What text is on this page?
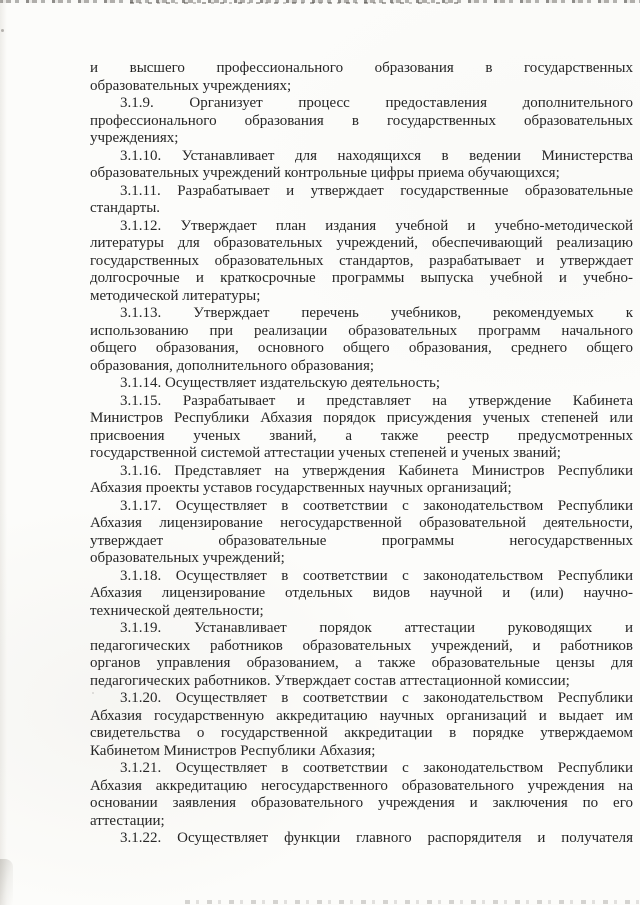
и высшего профессионального образования в государственных
образовательных учреждениях;
3.1.9. Организует процесс предоставления дополнительного
профессионального образования в государственных образовательных
учреждениях;
3.1.10. Устанавливает для находящихся в ведении Министерства
образовательных учреждений контрольные цифры приема обучающихся;
3.1.11. Разрабатывает и утверждает государственные образовательные
стандарты.
3.1.12. Утверждает план издания учебной и учебно-методической
литературы для образовательных учреждений, обеспечивающий реализацию
государственных образовательных стандартов, разрабатывает и утверждает
долгосрочные и краткосрочные программы выпуска учебной и учебно-
методической литературы;
3.1.13. Утверждает перечень учебников, рекомендуемых к
использованию при реализации образовательных программ начального
общего образования, основного общего образования, среднего общего
образования, дополнительного образования;
3.1.14. Осуществляет издательскую деятельность;
3.1.15. Разрабатывает и представляет на утверждение Кабинета
Министров Республики Абхазия порядок присуждения ученых степеней или
присвоения ученых званий, а также реестр предусмотренных
государственной системой аттестации ученых степеней и ученых званий;
3.1.16. Представляет на утверждения Кабинета Министров Республики
Абхазия проекты уставов государственных научных организаций;
3.1.17. Осуществляет в соответствии с законодательством Республики
Абхазия лицензирование негосударственной образовательной деятельности,
утверждает образовательные программы негосударственных
образовательных учреждений;
3.1.18. Осуществляет в соответствии с законодательством Республики
Абхазия лицензирование отдельных видов научной и (или) научно-
технической деятельности;
3.1.19. Устанавливает порядок аттестации руководящих и
педагогических работников образовательных учреждений, и работников
органов управления образованием, а также образовательные цензы для
педагогических работников. Утверждает состав аттестационной комиссии;
3.1.20. Осуществляет в соответствии с законодательством Республики
Абхазия государственную аккредитацию научных организаций и выдает им
свидетельства о государственной аккредитации в порядке утверждаемом
Кабинетом Министров Республики Абхазия;
3.1.21. Осуществляет в соответствии с законодательством Республики
Абхазия аккредитацию негосударственного образовательного учреждения на
основании заявления образовательного учреждения и заключения по его
аттестации;
3.1.22. Осуществляет функции главного распорядителя и получателя
